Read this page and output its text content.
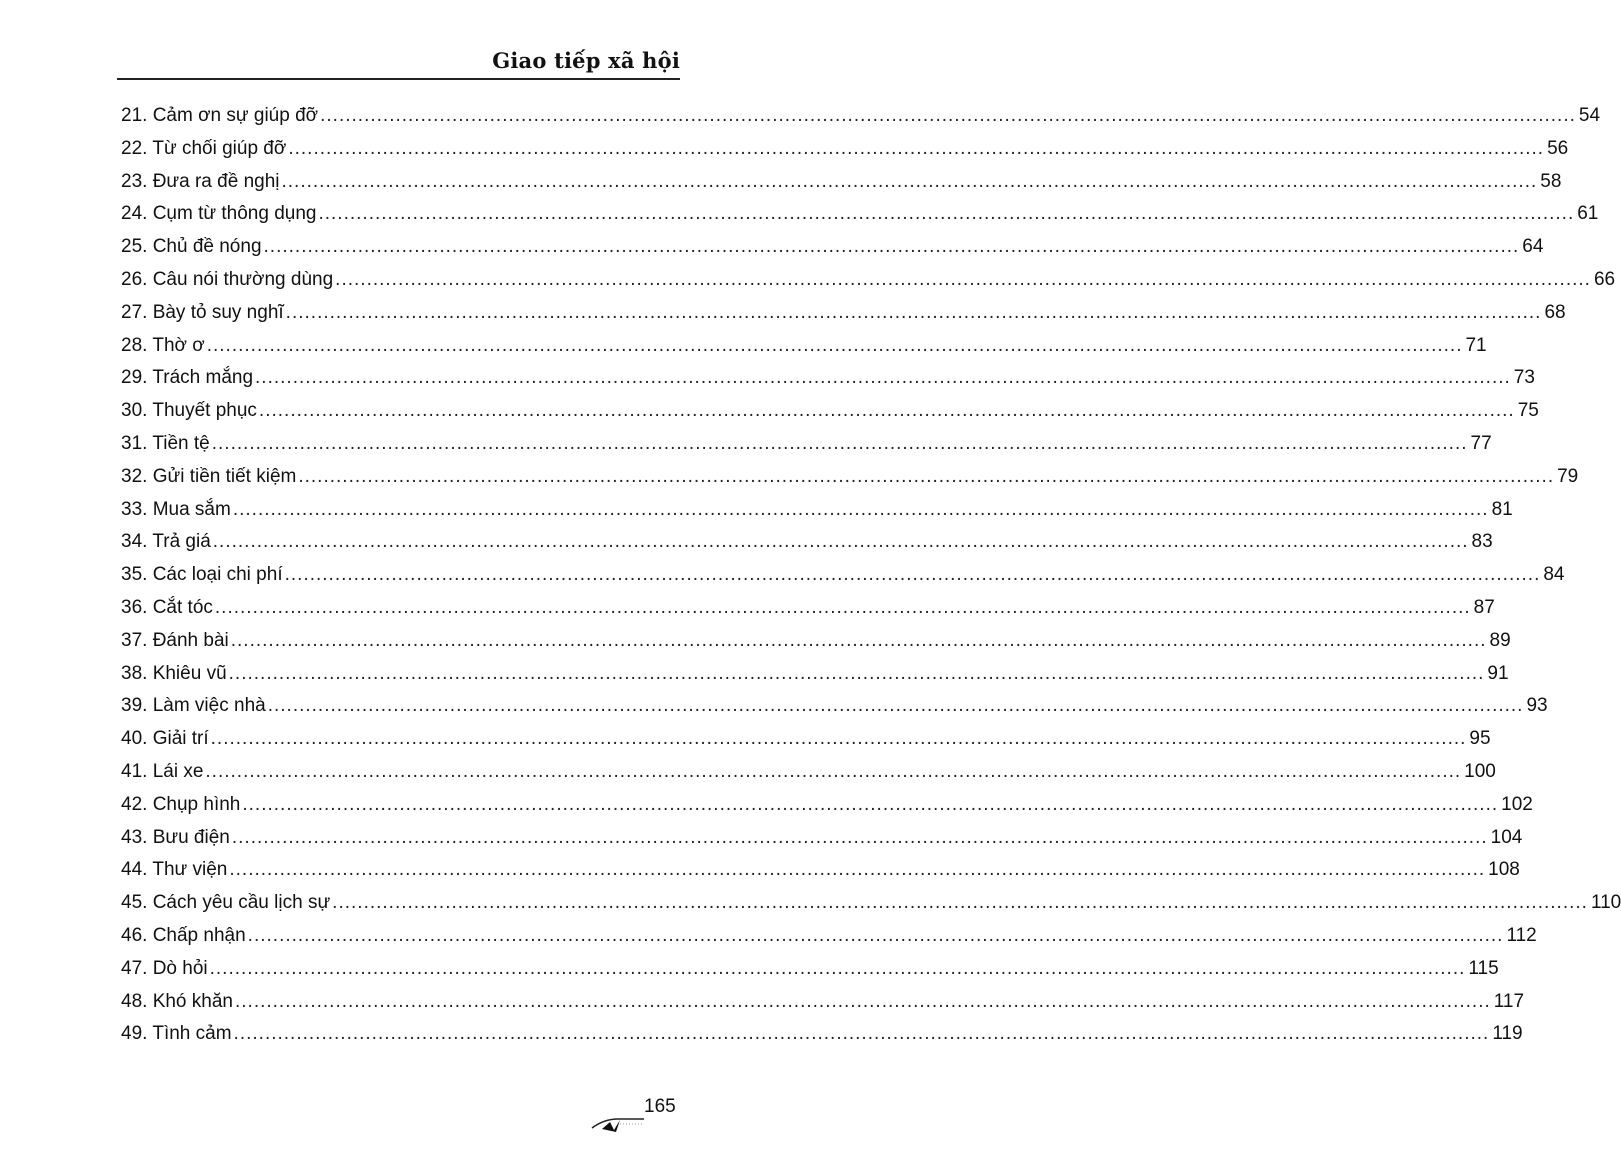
Giao tiếp xã hội
21. Cảm ơn sự giúp đỡ ........................................................................................................................................................................................................ 54
22. Từ chối giúp đỡ ........................................................................................................................................................................................................ 56
23. Đưa ra đề nghị ........................................................................................................................................................................................................ 58
24. Cụm từ thông dụng ........................................................................................................................................................................................................ 61
25. Chủ đề nóng ........................................................................................................................................................................................................ 64
26. Câu nói thường dùng ........................................................................................................................................................................................................ 66
27. Bày tỏ suy nghĩ ........................................................................................................................................................................................................ 68
28. Thờ ơ ........................................................................................................................................................................................................ 71
29. Trách mắng ........................................................................................................................................................................................................ 73
30. Thuyết phục ........................................................................................................................................................................................................ 75
31. Tiền tệ ........................................................................................................................................................................................................ 77
32. Gửi tiền tiết kiệm ........................................................................................................................................................................................................ 79
33. Mua sắm ........................................................................................................................................................................................................ 81
34. Trả giá ........................................................................................................................................................................................................ 83
35. Các loại chi phí ........................................................................................................................................................................................................ 84
36. Cắt tóc ........................................................................................................................................................................................................ 87
37. Đánh bài ........................................................................................................................................................................................................ 89
38. Khiêu vũ ........................................................................................................................................................................................................ 91
39. Làm việc nhà ........................................................................................................................................................................................................ 93
40. Giải trí ........................................................................................................................................................................................................ 95
41. Lái xe ........................................................................................................................................................................................................ 100
42. Chụp hình ........................................................................................................................................................................................................ 102
43. Bưu điện ........................................................................................................................................................................................................ 104
44. Thư viện ........................................................................................................................................................................................................ 108
45. Cách yêu cầu lịch sự ........................................................................................................................................................................................................ 110
46. Chấp nhận ........................................................................................................................................................................................................ 112
47. Dò hỏi ........................................................................................................................................................................................................ 115
48. Khó khăn ........................................................................................................................................................................................................ 117
49. Tình cảm ........................................................................................................................................................................................................ 119
165
